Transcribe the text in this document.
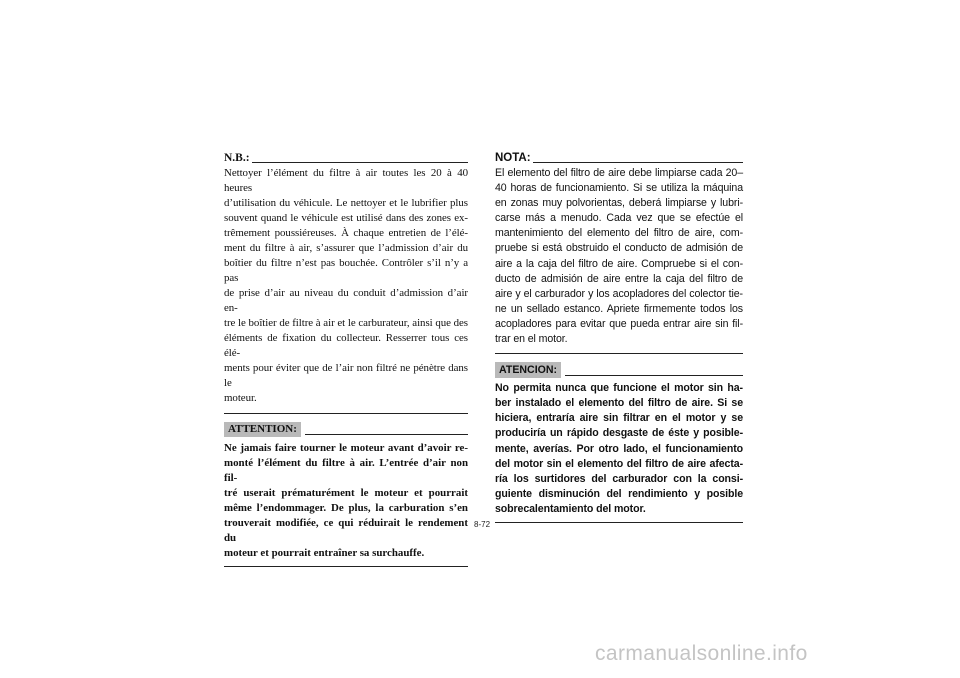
N.B.:

Nettoyer l’élément du filtre à air toutes les 20 à 40 heures
d’utilisation du véhicule. Le nettoyer et le lubrifier plus
souvent quand le véhicule est utilisé dans des zones ex-
trêmement poussiéreuses. À chaque entretien de l’élé-
ment du filtre à air, s’assurer que l’admission d’air du
boîtier du filtre n’est pas bouchée. Contrôler s’il n’y a pas
de prise d’air au niveau du conduit d’admission d’air en-
tre le boîtier de filtre à air et le carburateur, ainsi que des
éléments de fixation du collecteur. Resserrer tous ces élé-
ments pour éviter que de l’air non filtré ne pénètre dans le
moteur.

ATTENTION:

Ne jamais faire tourner le moteur avant d’avoir re-
monté l’élément du filtre à air. L’entrée d’air non fil-
tré userait prématurément le moteur et pourrait
même l’endommager. De plus, la carburation s’en
trouverait modifiée, ce qui réduirait le rendement du
moteur et pourrait entraîner sa surchauffe.

NOTA:

El elemento del filtro de aire debe limpiarse cada 20–
40 horas de funcionamiento. Si se utiliza la máquina
en zonas muy polvorientas, deberá limpiarse y lubri-
carse más a menudo. Cada vez que se efectúe el
mantenimiento del elemento del filtro de aire, com-
pruebe si está obstruido el conducto de admisión de
aire a la caja del filtro de aire. Compruebe si el con-
ducto de admisión de aire entre la caja del filtro de
aire y el carburador y los acopladores del colector tie-
ne un sellado estanco. Apriete firmemente todos los
acopladores para evitar que pueda entrar aire sin fil-
trar en el motor.

ATENCION:

No permita nunca que funcione el motor sin ha-
ber instalado el elemento del filtro de aire. Si se
hiciera, entraría aire sin filtrar en el motor y se
produciría un rápido desgaste de éste y posible-
mente, averías. Por otro lado, el funcionamiento
del motor sin el elemento del filtro de aire afecta-
ría los surtidores del carburador con la consi-
guiente disminución del rendimiento y posible
sobrecalentamiento del motor.

8-72
carmanualsonline.info
